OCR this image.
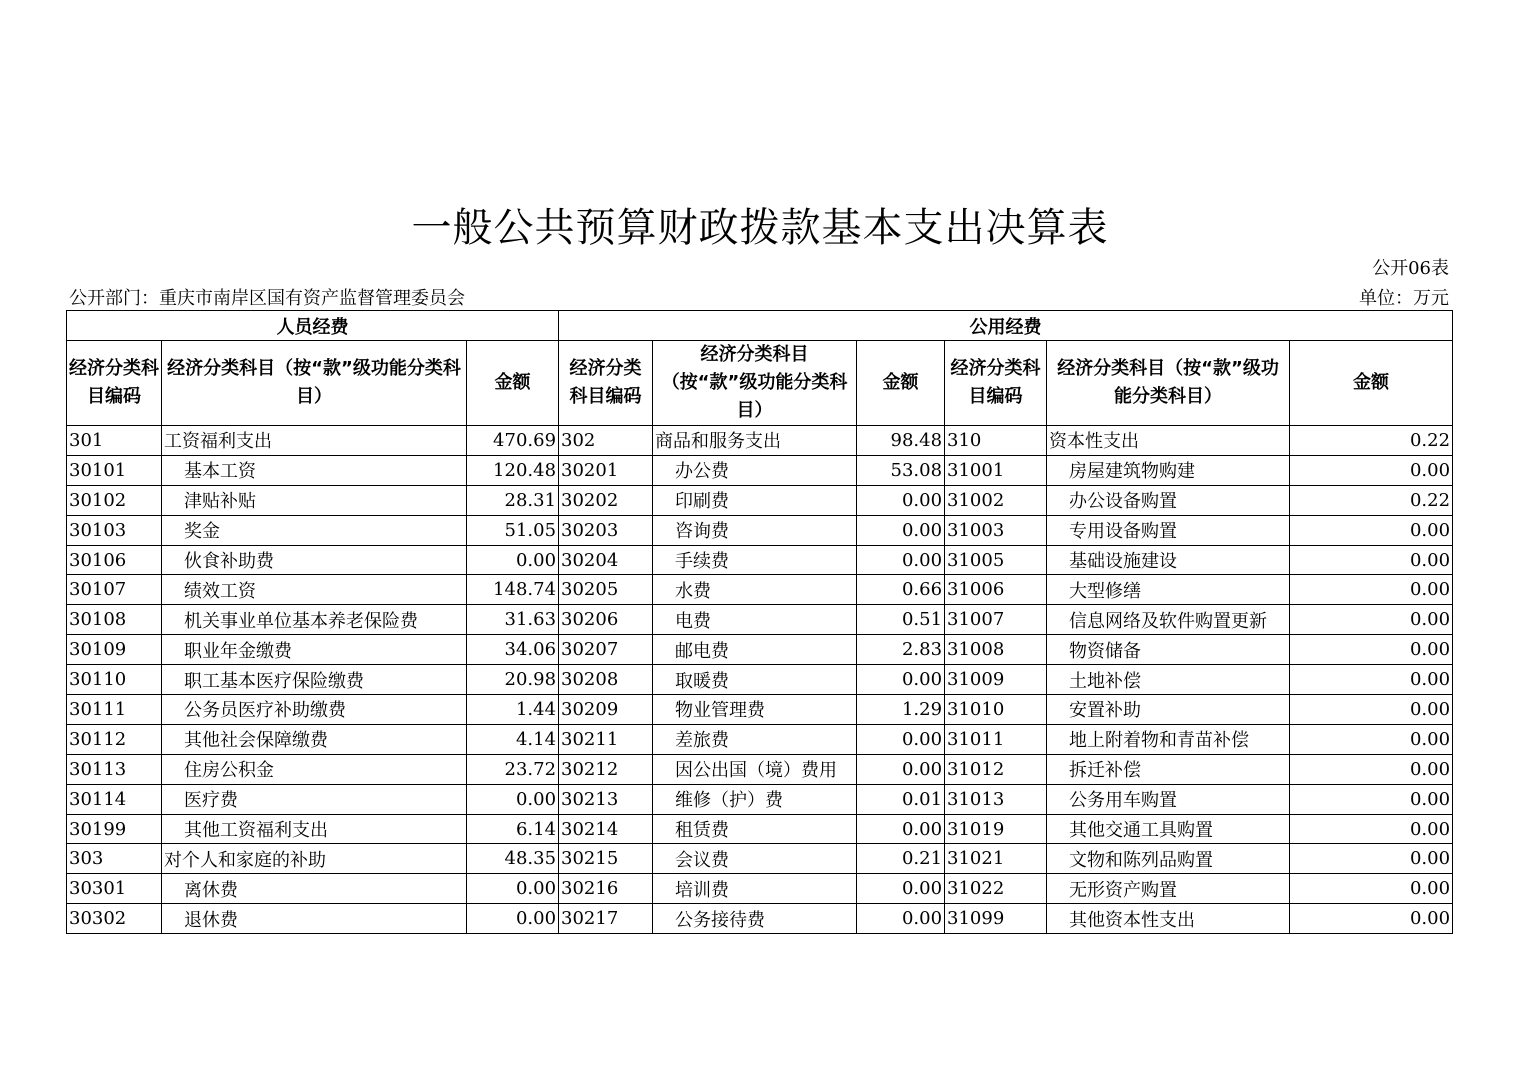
一般公共预算财政拨款基本支出决算表
公开06表
公开部门：重庆市南岸区国有资产监督管理委员会	单位：万元
人员经费			公用经费					
经济分类科目编码	经济分类科目（按“款”级功能分类科目）	金额	经济分类科目编码	经济分类科目（按“款”级功能分类科目）	金额	经济分类科目编码	经济分类科目（按“款”级功能分类科目）	金额
301	工资福利支出	470.69	302	商品和服务支出	98.48	310	资本性支出	0.22
30101	基本工资	120.48	30201	办公费	53.08	31001	房屋建筑物购建	0.00
30102	津贴补贴	28.31	30202	印刷费	0.00	31002	办公设备购置	0.22
30103	奖金	51.05	30203	咨询费	0.00	31003	专用设备购置	0.00
30106	伙食补助费	0.00	30204	手续费	0.00	31005	基础设施建设	0.00
30107	绩效工资	148.74	30205	水费	0.66	31006	大型修缮	0.00
30108	机关事业单位基本养老保险费	31.63	30206	电费	0.51	31007	信息网络及软件购置更新	0.00
30109	职业年金缴费	34.06	30207	邮电费	2.83	31008	物资储备	0.00
30110	职工基本医疗保险缴费	20.98	30208	取暖费	0.00	31009	土地补偿	0.00
30111	公务员医疗补助缴费	1.44	30209	物业管理费	1.29	31010	安置补助	0.00
30112	其他社会保障缴费	4.14	30211	差旅费	0.00	31011	地上附着物和青苗补偿	0.00
30113	住房公积金	23.72	30212	因公出国（境）费用	0.00	31012	拆迁补偿	0.00
30114	医疗费	0.00	30213	维修（护）费	0.01	31013	公务用车购置	0.00
30199	其他工资福利支出	6.14	30214	租赁费	0.00	31019	其他交通工具购置	0.00
303	对个人和家庭的补助	48.35	30215	会议费	0.21	31021	文物和陈列品购置	0.00
30301	离休费	0.00	30216	培训费	0.00	31022	无形资产购置	0.00
30302	退休费	0.00	30217	公务接待费	0.00	31099	其他资本性支出	0.00
